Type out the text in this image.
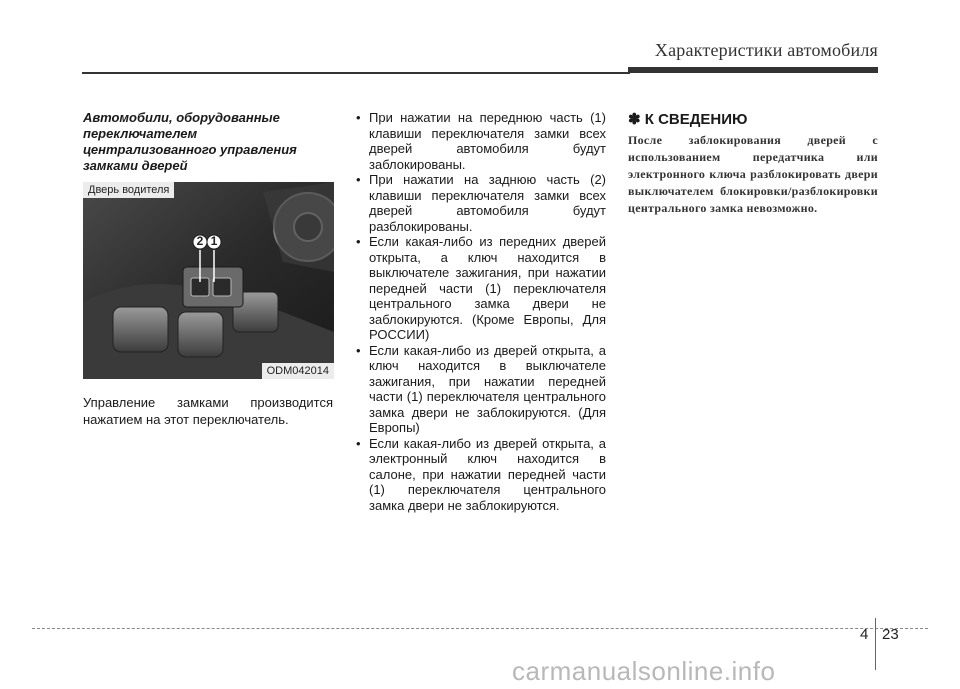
Характеристики автомобиля

Автомобили, оборудованные переключателем централизованного управления замками дверей

2 1
Дверь водителя
ODM042014

Управление замками производится нажатием на этот переключатель.

• При нажатии на переднюю часть (1) клавиши переключателя замки всех дверей автомобиля будут заблокированы.
• При нажатии на заднюю часть (2) клавиши переключателя замки всех дверей автомобиля будут разблокированы.
• Если какая-либо из передних дверей открыта, а ключ находится в выключателе зажигания, при нажатии передней части (1) переключателя центрального замка двери не заблокируются. (Кроме Европы, Для РОССИИ)
• Если какая-либо из дверей открыта, а ключ находится в выключателе зажигания, при нажатии передней части (1) переключателя центрального замка двери не заблокируются. (Для Европы)
• Если какая-либо из дверей открыта, а электронный ключ находится в салоне, при нажатии передней части (1) переключателя центрального замка двери не заблокируются.

✽ К СВЕДЕНИЮ

После заблокирования дверей с использованием передатчика или электронного ключа разблокировать двери выключателем блокировки/разблокировки центрального замка невозможно.

4 23
carmanualsonline.info
